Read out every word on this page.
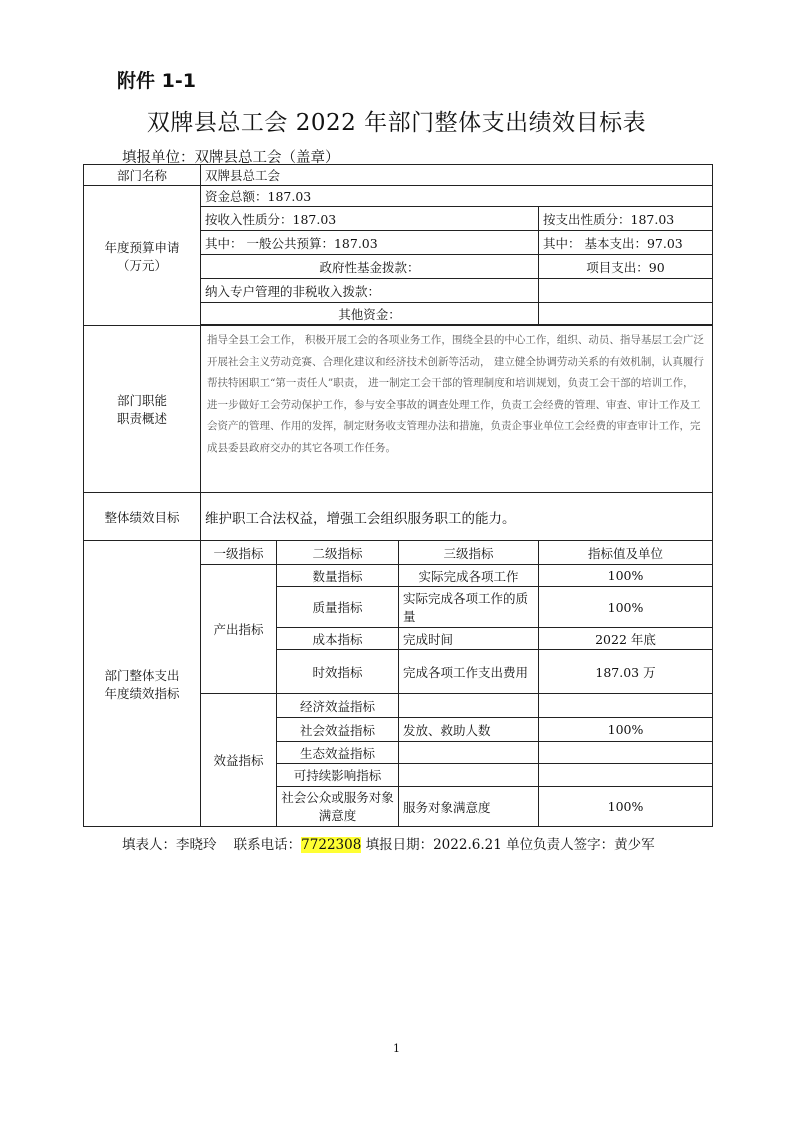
附件 1-1
双牌县总工会 2022 年部门整体支出绩效目标表
填报单位：双牌县总工会（盖章）
部门名称	双牌县总工会			

年度预算申请
（万元）	资金总额：187.03			
	按收入性质分：187.03			按支出性质分：187.03
	其中： 一般公共预算：187.03			其中： 基本支出：97.03
	政府性基金拨款：			项目支出：90
	纳入专户管理的非税收入拨款：			
	其他资金：			

部门职能
职责概述	指导全县工会工作， 积极开展工会的各项业务工作，围绕全县的中心工作，组织、动员、指导基层工会广泛开展社会主义劳动竞赛、合理化建议和经济技术创新等活动， 建立健全协调劳动关系的有效机制，认真履行帮扶特困职工“第一责任人”职责， 进一制定工会干部的管理制度和培训规划，负责工会干部的培训工作， 进一步做好工会劳动保护工作，参与安全事故的调查处理工作，负责工会经费的管理、审查、审计工作及工会资产的管理、作用的发挥，制定财务收支管理办法和措施，负责企事业单位工会经费的审查审计工作，完成县委县政府交办的其它各项工作任务。			
整体绩效目标	维护职工合法权益，增强工会组织服务职工的能力。			

部门整体支出
年度绩效指标	一级指标	二级指标	三级指标	指标值及单位
	产出指标	数量指标	实际完成各项工作	100%
		质量指标	实际完成各项工作的质量	100%
		成本指标	完成时间	2022 年底
		时效指标	完成各项工作支出费用	187.03 万
	效益指标	经济效益指标		
		社会效益指标	发放、救助人数	100%
		生态效益指标		
		可持续影响指标		
		社会公众或服务对象满意度	服务对象满意度	100%
填表人：李晓玲 联系电话：7722308 填报日期：2022.6.21 单位负责人签字：黄少军
1
